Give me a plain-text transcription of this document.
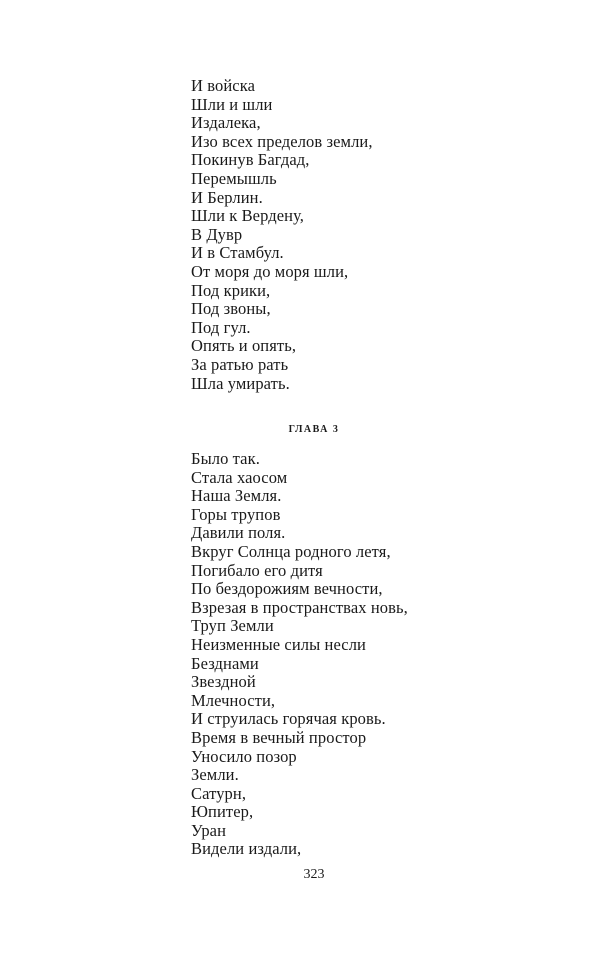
И войска
Шли и шли
Издалека,
Изо всех пределов земли,
Покинув Багдад,
Перемышль
И Берлин.
Шли к Вердену,
В Дувр
И в Стамбул.
От моря до моря шли,
Под крики,
Под звоны,
Под гул.
Опять и опять,
За ратью рать
Шла умирать.
ГЛАВА 3
Было так.
Стала хаосом
Наша Земля.
Горы трупов
Давили поля.
Вкруг Солнца родного летя,
Погибало его дитя
По бездорожиям вечности,
Взрезая в пространствах новь,
Труп Земли
Неизменные силы несли
Безднами
Звездной
Млечности,
И струилась горячая кровь.
Время в вечный простор
Уносило позор
Земли.
Сатурн,
Юпитер,
Уран
Видели издали,
323
